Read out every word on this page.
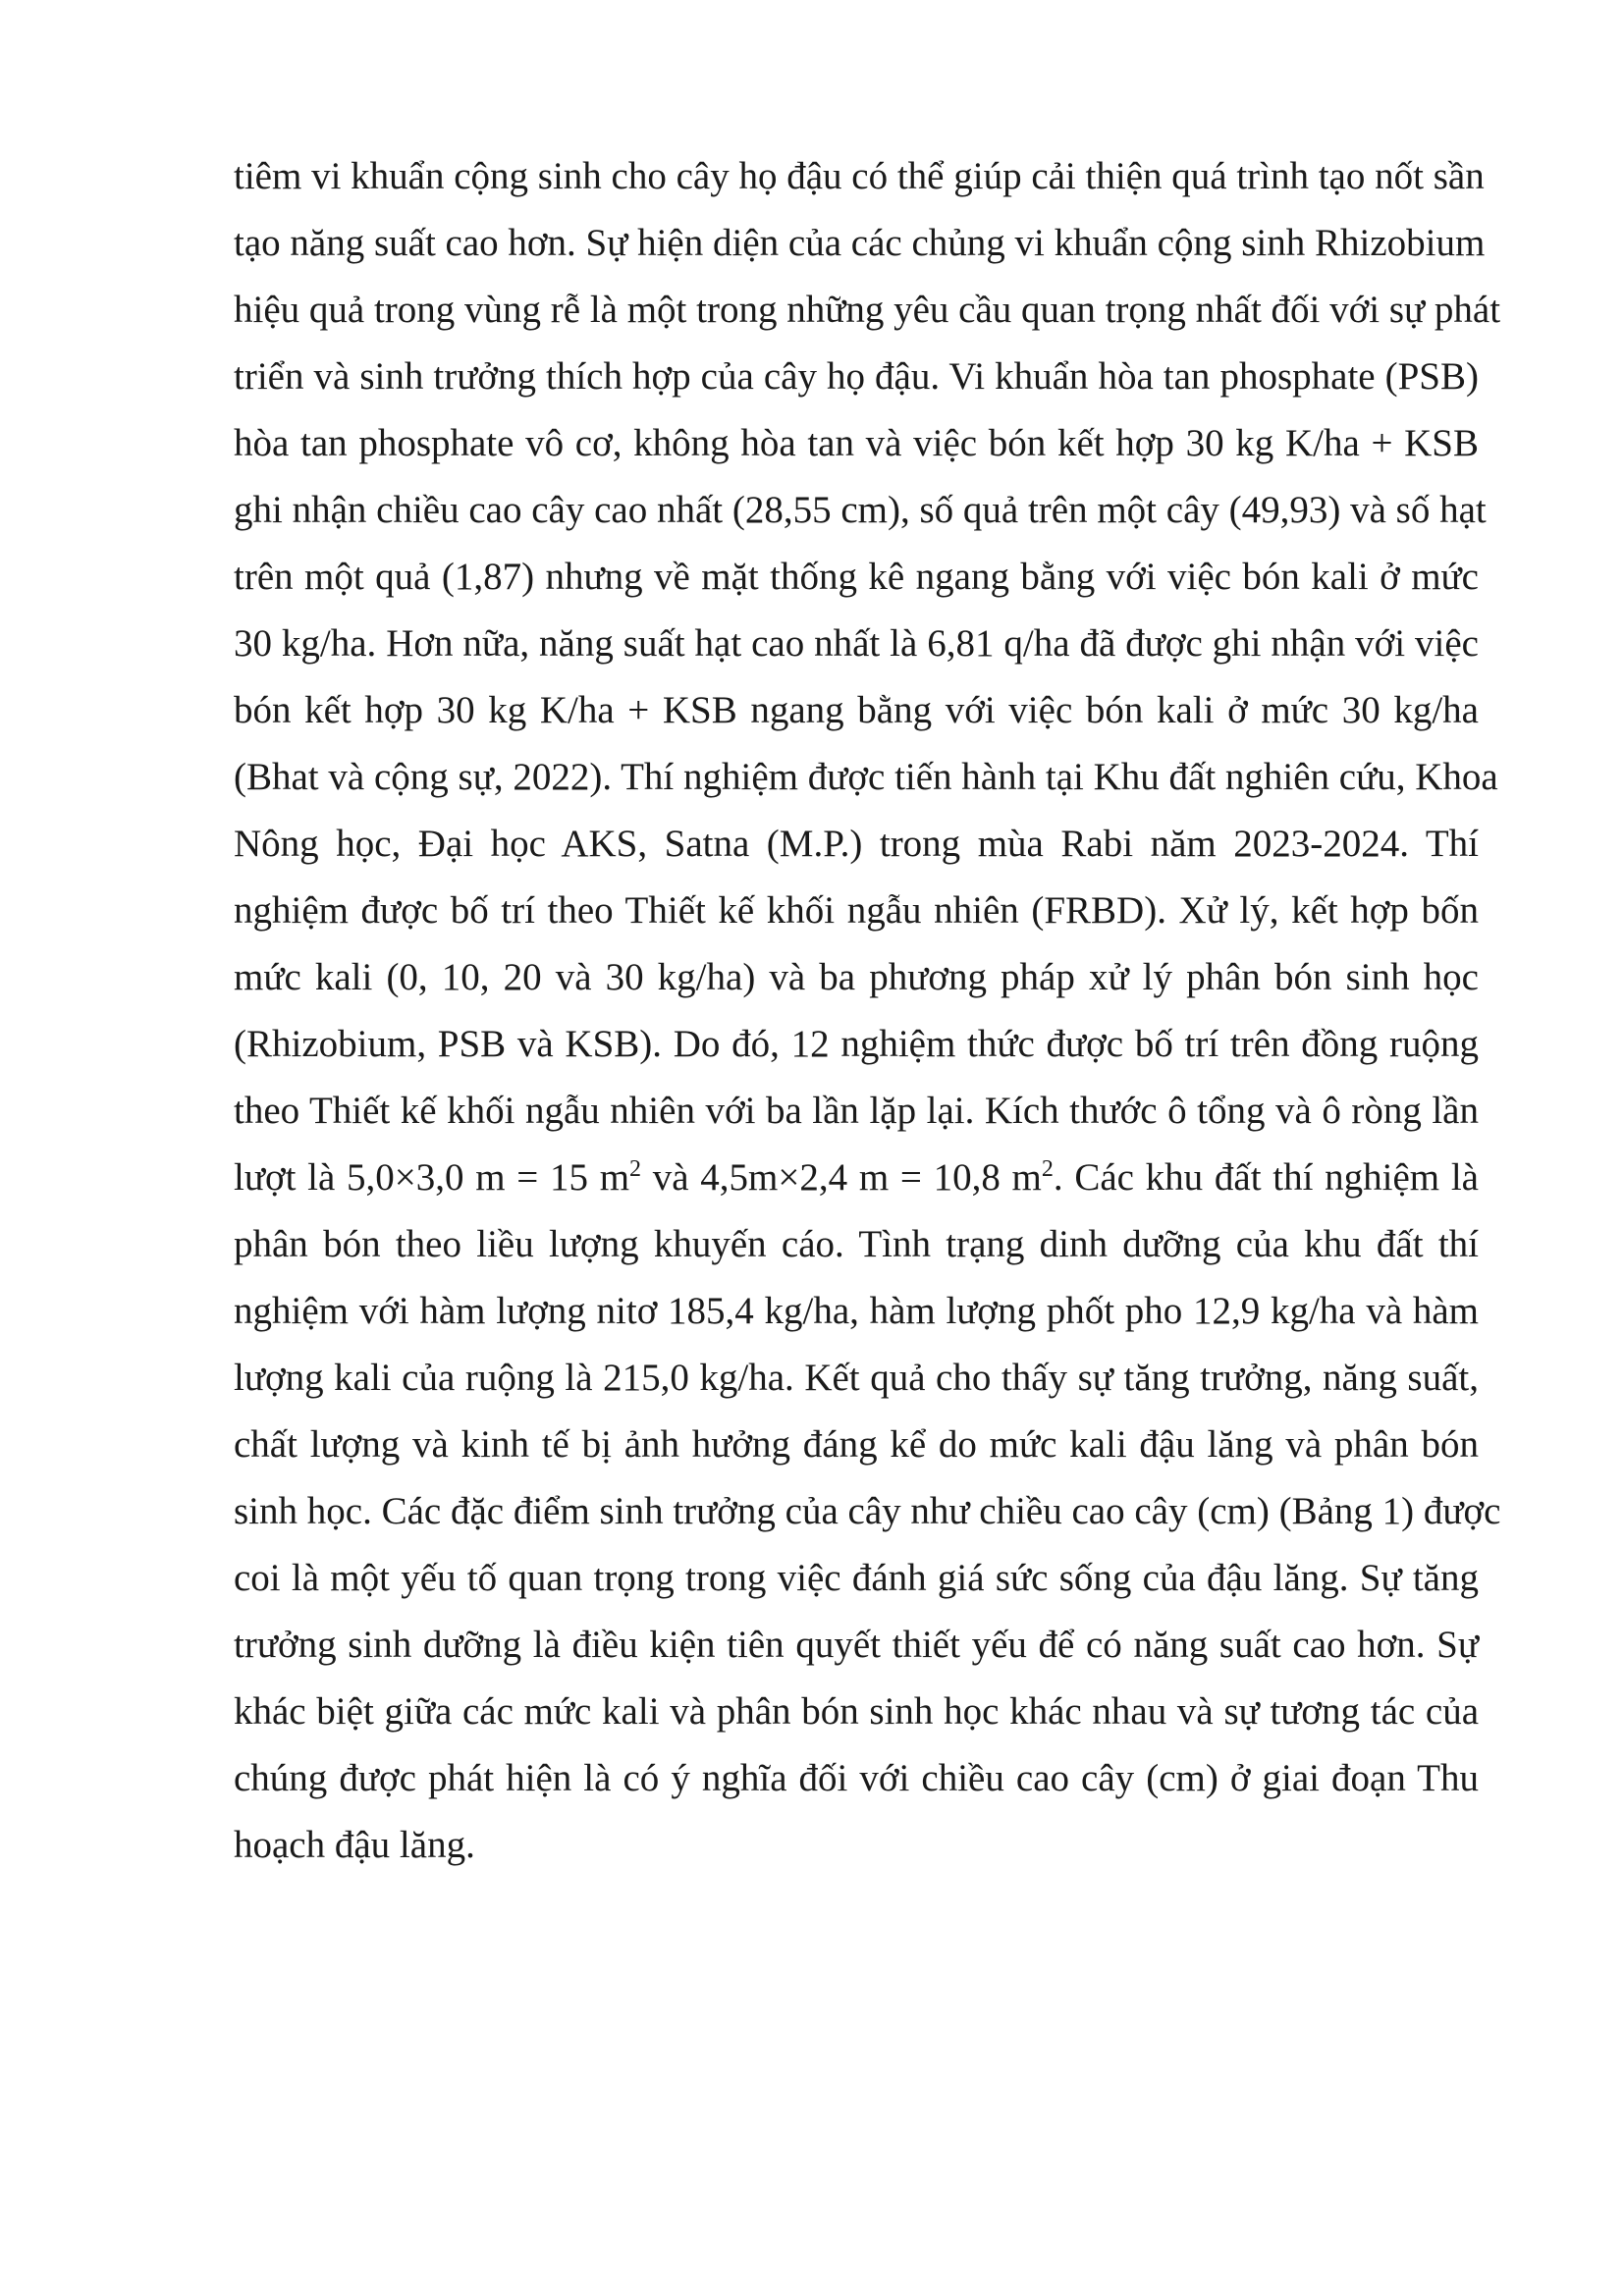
tiêm vi khuẩn cộng sinh cho cây họ đậu có thể giúp cải thiện quá trình tạo nốt sần
tạo năng suất cao hơn. Sự hiện diện của các chủng vi khuẩn cộng sinh Rhizobium
hiệu quả trong vùng rễ là một trong những yêu cầu quan trọng nhất đối với sự phát
triển và sinh trưởng thích hợp của cây họ đậu. Vi khuẩn hòa tan phosphate (PSB)
hòa tan phosphate vô cơ, không hòa tan và việc bón kết hợp 30 kg K/ha + KSB
ghi nhận chiều cao cây cao nhất (28,55 cm), số quả trên một cây (49,93) và số hạt
trên một quả (1,87) nhưng về mặt thống kê ngang bằng với việc bón kali ở mức
30 kg/ha. Hơn nữa, năng suất hạt cao nhất là 6,81 q/ha đã được ghi nhận với việc
bón kết hợp 30 kg K/ha + KSB ngang bằng với việc bón kali ở mức 30 kg/ha
(Bhat và cộng sự, 2022). Thí nghiệm được tiến hành tại Khu đất nghiên cứu, Khoa
Nông học, Đại học AKS, Satna (M.P.) trong mùa Rabi năm 2023-2024. Thí
nghiệm được bố trí theo Thiết kế khối ngẫu nhiên (FRBD). Xử lý, kết hợp bốn
mức kali (0, 10, 20 và 30 kg/ha) và ba phương pháp xử lý phân bón sinh học
(Rhizobium, PSB và KSB). Do đó, 12 nghiệm thức được bố trí trên đồng ruộng
theo Thiết kế khối ngẫu nhiên với ba lần lặp lại. Kích thước ô tổng và ô ròng lần
lượt là 5,0×3,0 m = 15 $m^2$ và 4,5m×2,4 m = 10,8 $m^2$. Các khu đất thí nghiệm là
phân bón theo liều lượng khuyến cáo. Tình trạng dinh dưỡng của khu đất thí
nghiệm với hàm lượng nitơ 185,4 kg/ha, hàm lượng phốt pho 12,9 kg/ha và hàm
lượng kali của ruộng là 215,0 kg/ha. Kết quả cho thấy sự tăng trưởng, năng suất,
chất lượng và kinh tế bị ảnh hưởng đáng kể do mức kali đậu lăng và phân bón
sinh học. Các đặc điểm sinh trưởng của cây như chiều cao cây (cm) (Bảng 1) được
coi là một yếu tố quan trọng trong việc đánh giá sức sống của đậu lăng. Sự tăng
trưởng sinh dưỡng là điều kiện tiên quyết thiết yếu để có năng suất cao hơn. Sự
khác biệt giữa các mức kali và phân bón sinh học khác nhau và sự tương tác của
chúng được phát hiện là có ý nghĩa đối với chiều cao cây (cm) ở giai đoạn Thu
hoạch đậu lăng.
